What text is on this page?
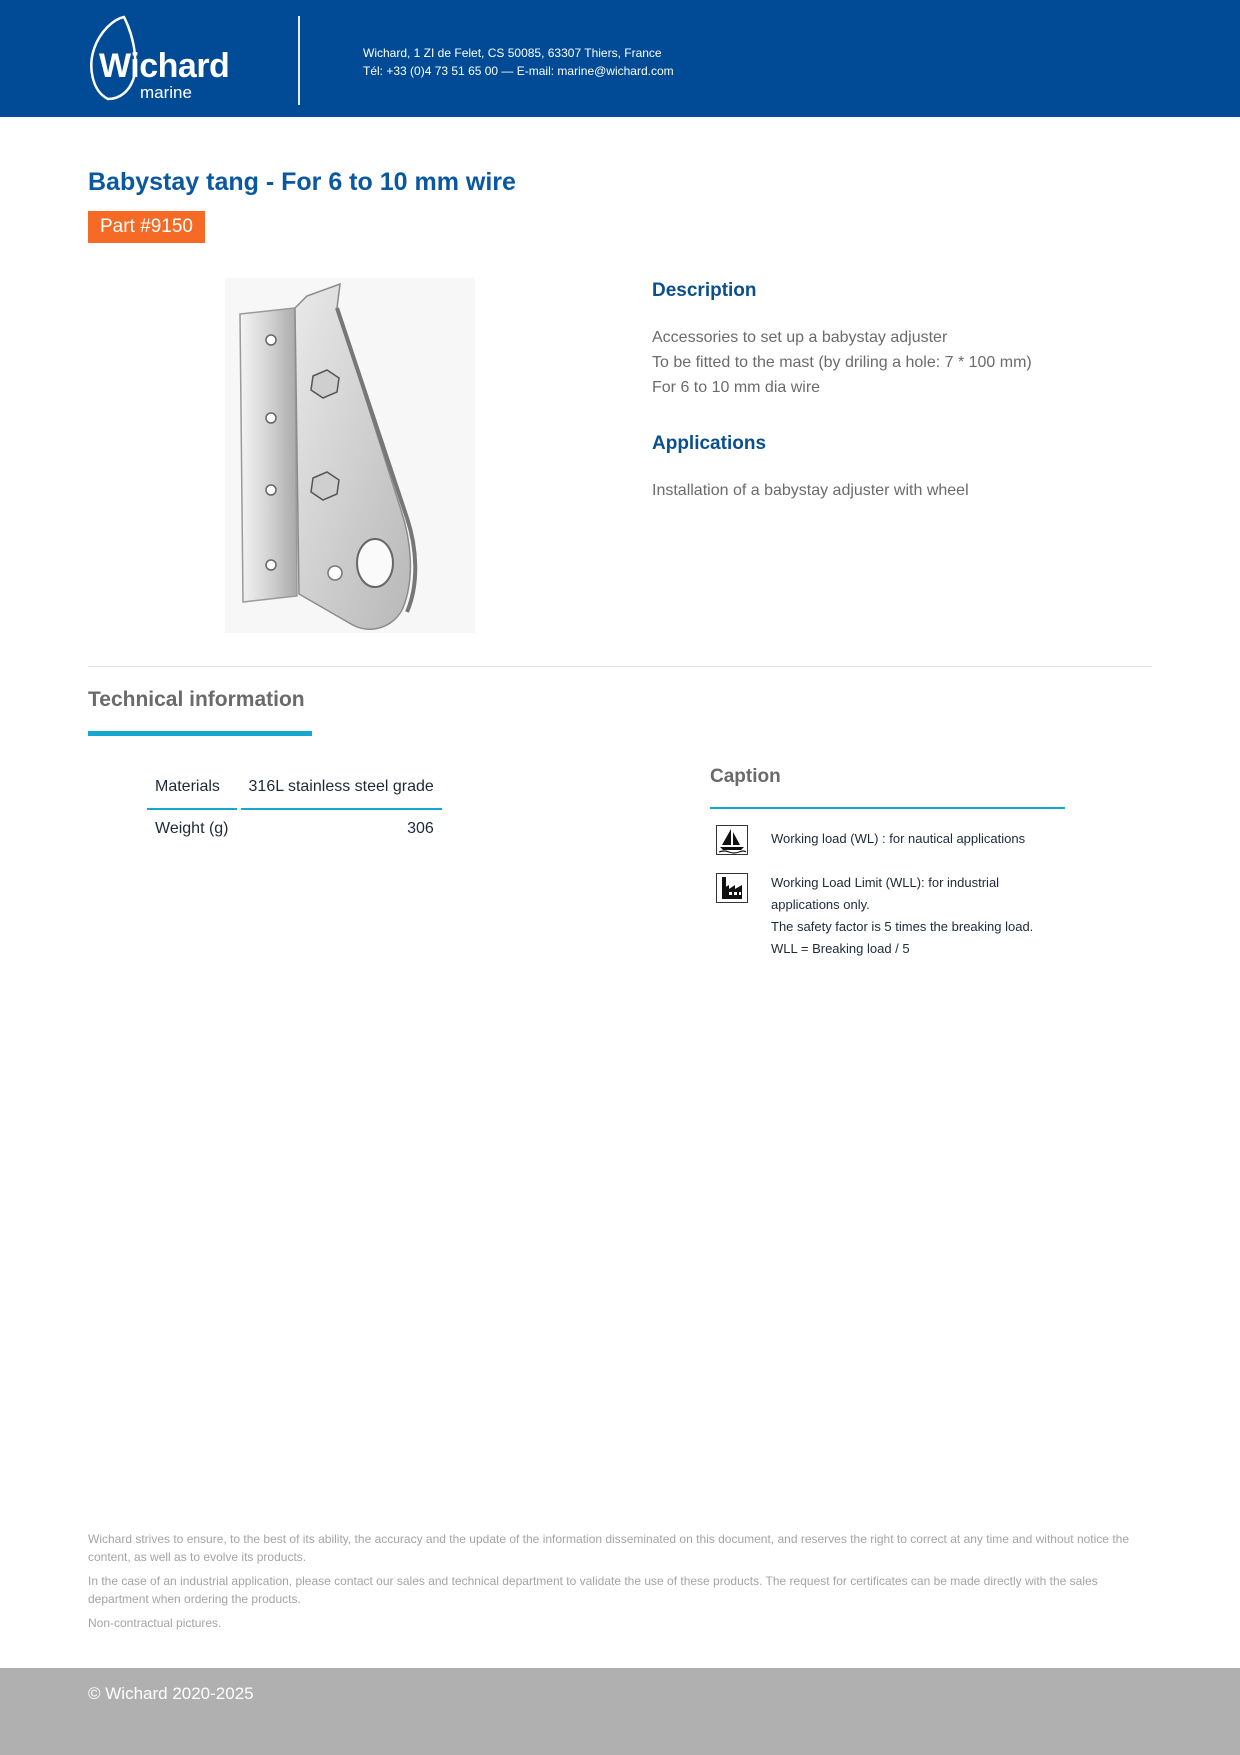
Wichard
marine
Wichard, 1 ZI de Felet, CS 50085, 63307 Thiers, France
Tél: +33 (0)4 73 51 65 00 — E-mail: marine@wichard.com
Babystay tang - For 6 to 10 mm wire
Part #9150
Description
Accessories to set up a babystay adjuster
To be fitted to the mast (by driling a hole: 7 * 100 mm)
For 6 to 10 mm dia wire
Applications
Installation of a babystay adjuster with wheel
Technical information
Materials	316L stainless steel grade
Weight (g)	306
Caption
Working load (WL) : for nautical applications
Working Load Limit (WLL): for industrial
applications only.
The safety factor is 5 times the breaking load.
WLL = Breaking load / 5

Wichard strives to ensure, to the best of its ability, the accuracy and the update of the information disseminated on this document, and reserves the right to correct at any time and without notice the content, as well as to evolve its products.

In the case of an industrial application, please contact our sales and technical department to validate the use of these products. The request for certificates can be made directly with the sales department when ordering the products.

Non-contractual pictures.

© Wichard 2020-2025
